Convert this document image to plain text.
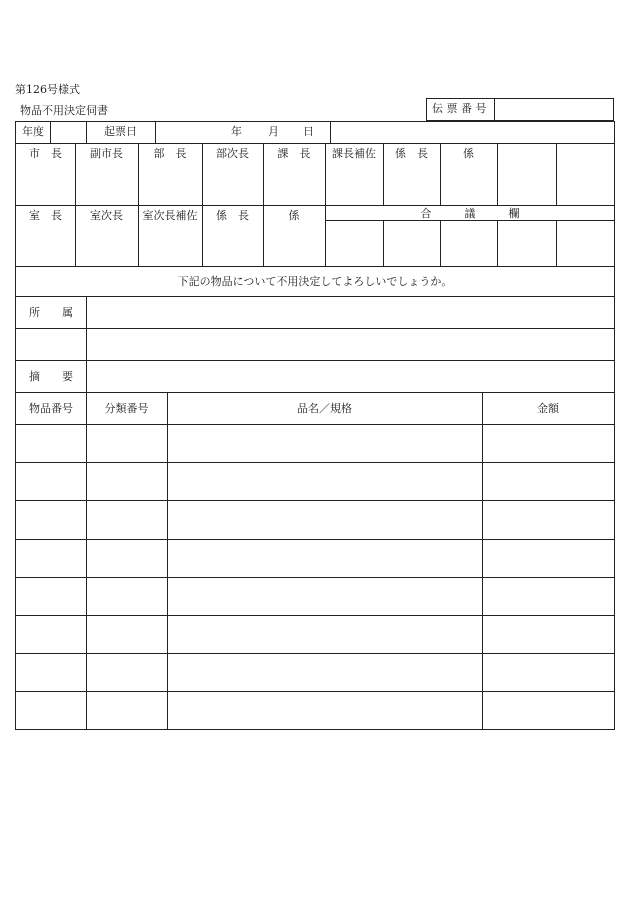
第126号様式
物品不用決定伺書	伝 票 番 号
年度	起票日	年 月 日
市　長	副市長	部　長	部次長	課　長	課長補佐	係　長	係
室　長	室次長	室次長補佐	係　長	係	合　　　議　　　欄
下記の物品について不用決定してよろしいでしょうか。
所　　属
摘　　要
物品番号	分類番号	品名／規格	金額
